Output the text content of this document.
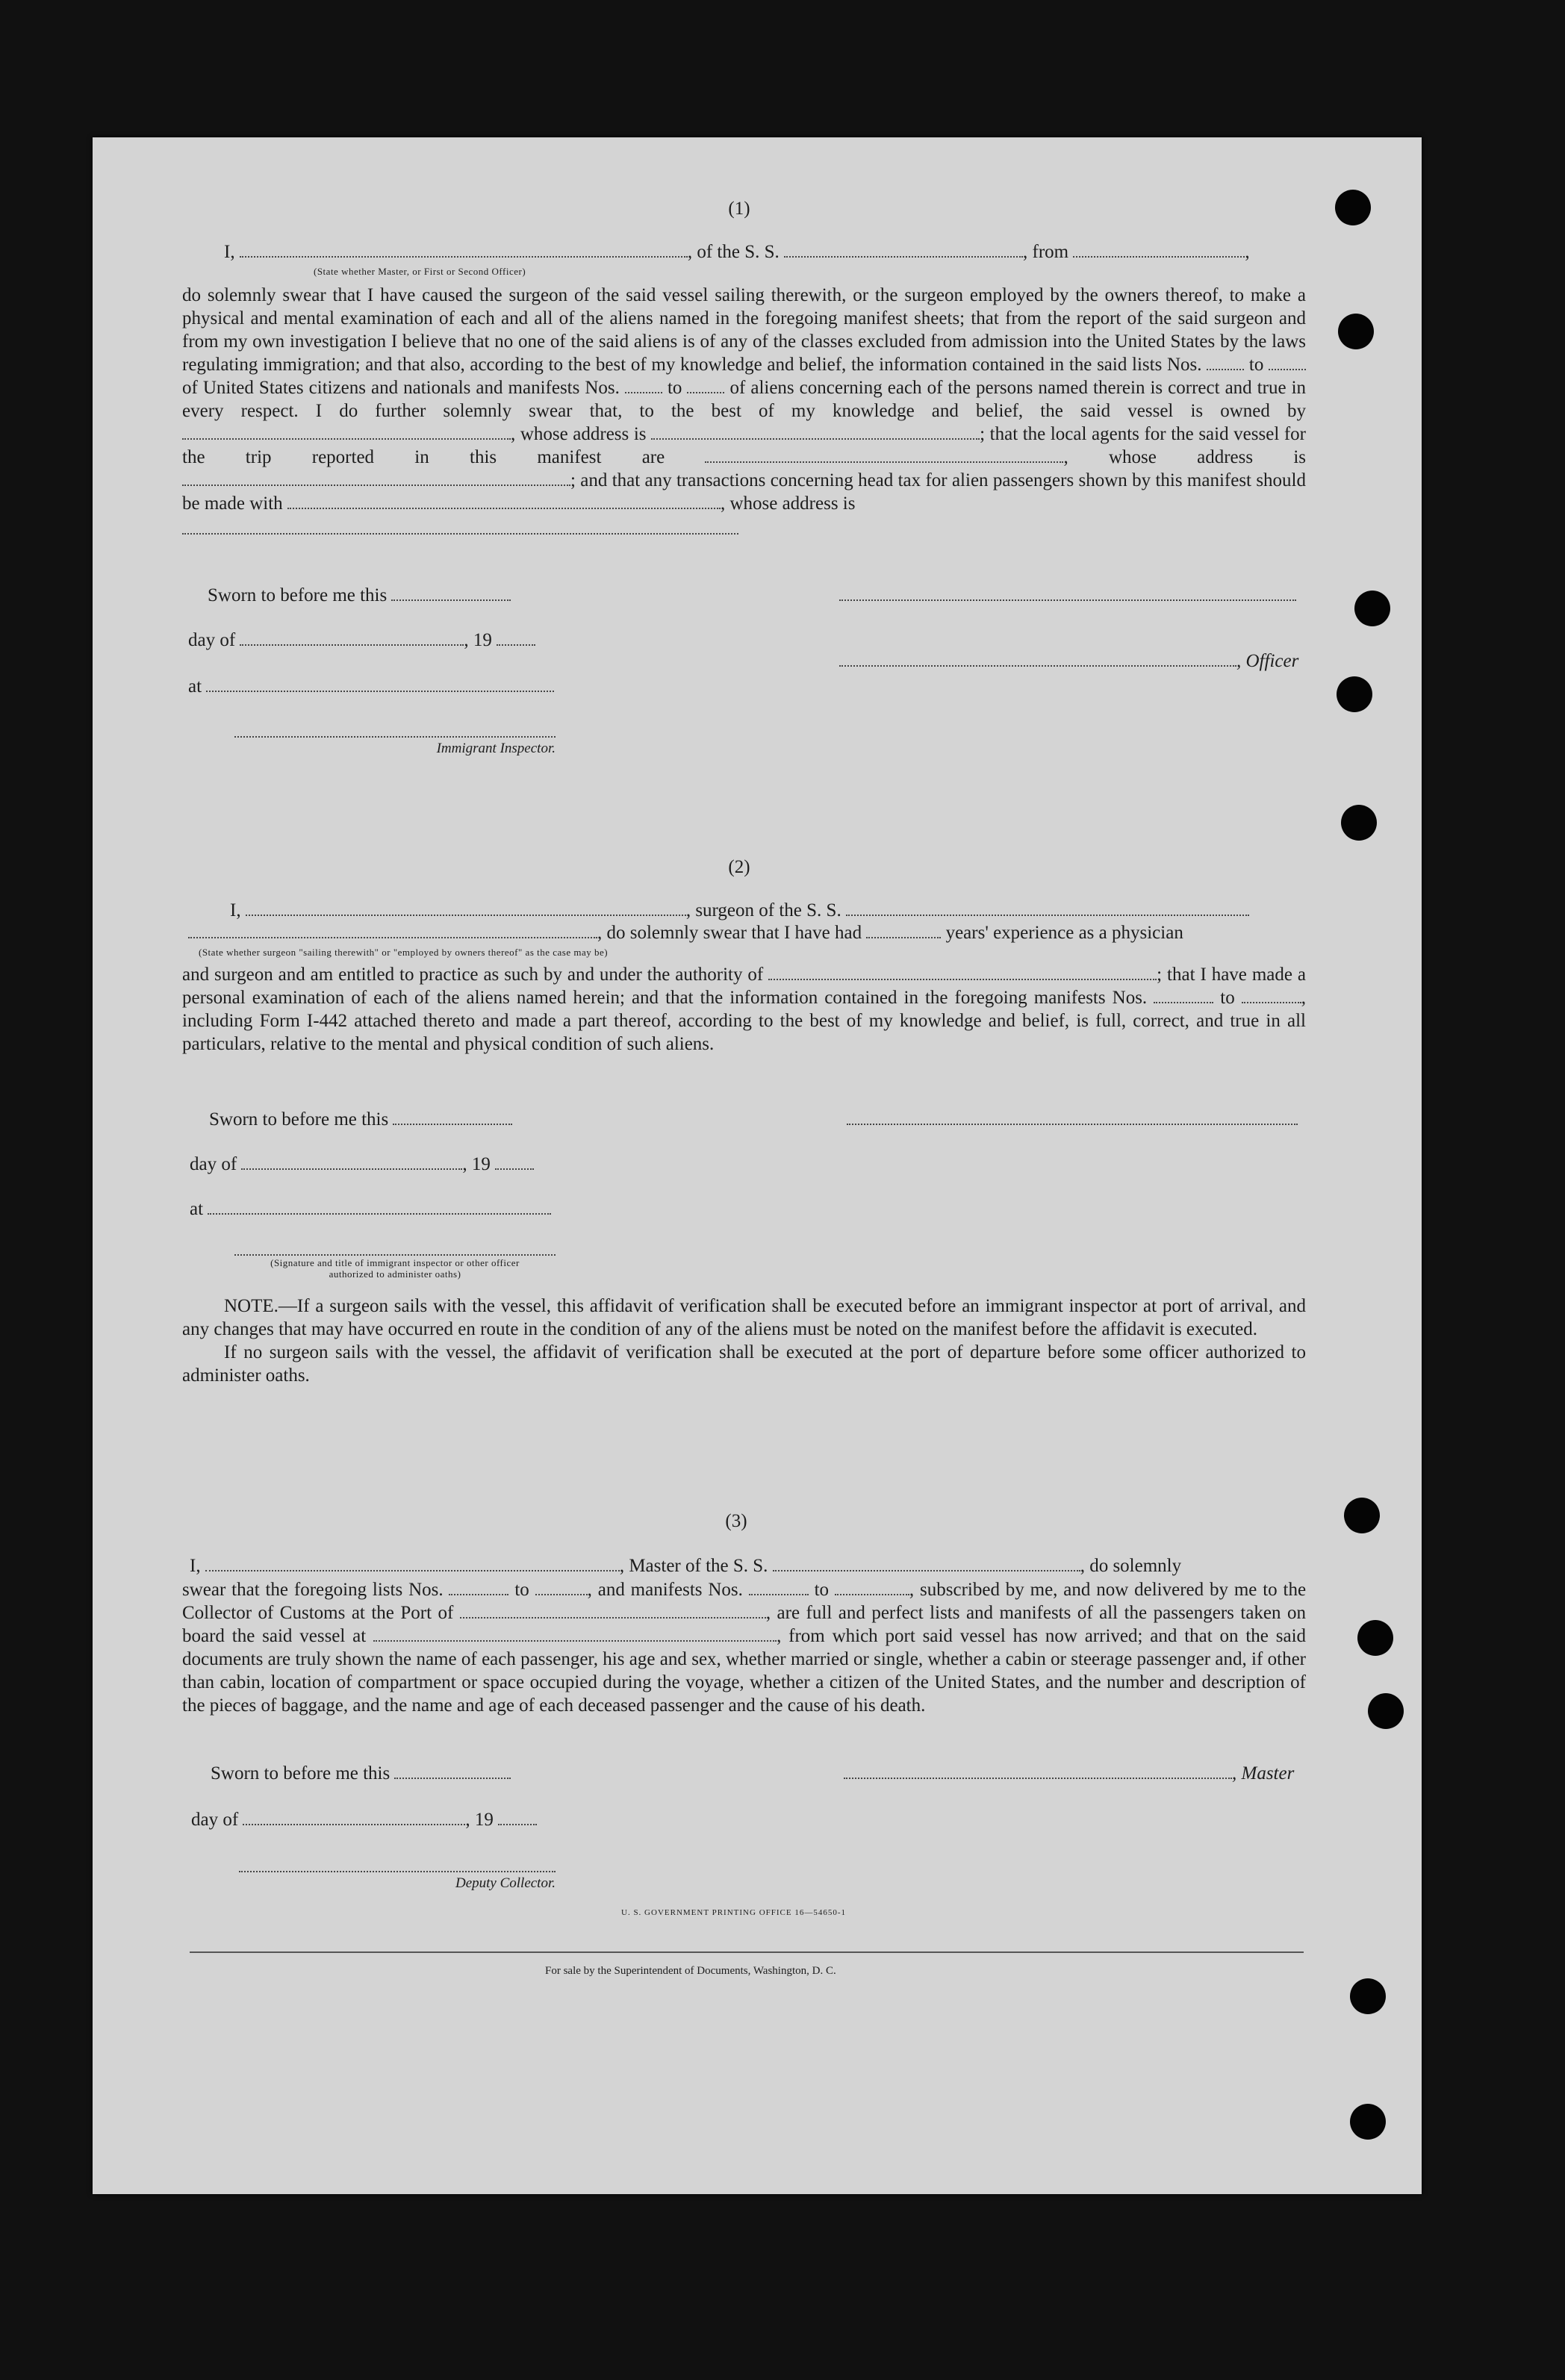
(1)
I,	, of the S. S.	, from	,
(State whether Master, or First or Second Officer)

do solemnly swear that I have caused the surgeon of the said vessel sailing therewith, or the surgeon employed by the owners thereof, to make a physical and mental examination of each and all of the aliens named in the foregoing manifest sheets; that from the report of the said surgeon and from my own investigation I believe that no one of the said aliens is of any of the classes excluded from admission into the United States by the laws regulating immigration; and that also, according to the best of my knowledge and belief, the information contained in the said lists Nos.	to  of United States citizens and nationals and manifests Nos.	to	of aliens concerning each of the persons named therein is correct and true in every respect. I do further solemnly swear that, to the best of my knowledge and belief, the said vessel is owned by , whose address is	; that the local agents for the said vessel for the trip reported in this manifest are	, whose address is ; and that any transactions concerning head tax for alien passengers shown by this manifest should be made with	, whose address is

Sworn to before me this
day of	, 19
, Officer
at
Immigrant Inspector.
(2)
I,	, surgeon of the S. S.
, do solemnly swear that I have had	years' experience as a physician
(State whether surgeon "sailing therewith" or "employed by owners thereof" as the case may be)

and surgeon and am entitled to practice as such by and under the authority of	; that I have made a personal examination of each of the aliens named herein; and that the information contained in the foregoing manifests Nos.	to	, including Form I-442 attached thereto and made a part thereof, according to the best of my knowledge and belief, is full, correct, and true in all particulars, relative to the mental and physical condition of such aliens.

Sworn to before me this
day of	, 19
at
(Signature and title of immigrant inspector or other officer authorized to administer oaths)

NOTE.—If a surgeon sails with the vessel, this affidavit of verification shall be executed before an immigrant inspector at port of arrival, and any changes that may have occurred en route in the condition of any of the aliens must be noted on the manifest before the affidavit is executed.

If no surgeon sails with the vessel, the affidavit of verification shall be executed at the port of departure before some officer authorized to administer oaths.

(3)
I,	, Master of the S. S.	, do solemnly

swear that the foregoing lists Nos.	to	, and manifests Nos.	to	, subscribed by me, and now delivered by me to the Collector of Customs at the Port of	, are full and perfect lists and manifests of all the passengers taken on board the said vessel at	, from which port said vessel has now arrived; and that on the said documents are truly shown the name of each passenger, his age and sex, whether married or single, whether a cabin or steerage passenger and, if other than cabin, location of compartment or space occupied during the voyage, whether a citizen of the United States, and the number and description of the pieces of baggage, and the name and age of each deceased passenger and the cause of his death.

Sworn to before me this	, Master
day of	, 19
Deputy Collector.
U. S. GOVERNMENT PRINTING OFFICE 16—54650-1
For sale by the Superintendent of Documents, Washington, D. C.
